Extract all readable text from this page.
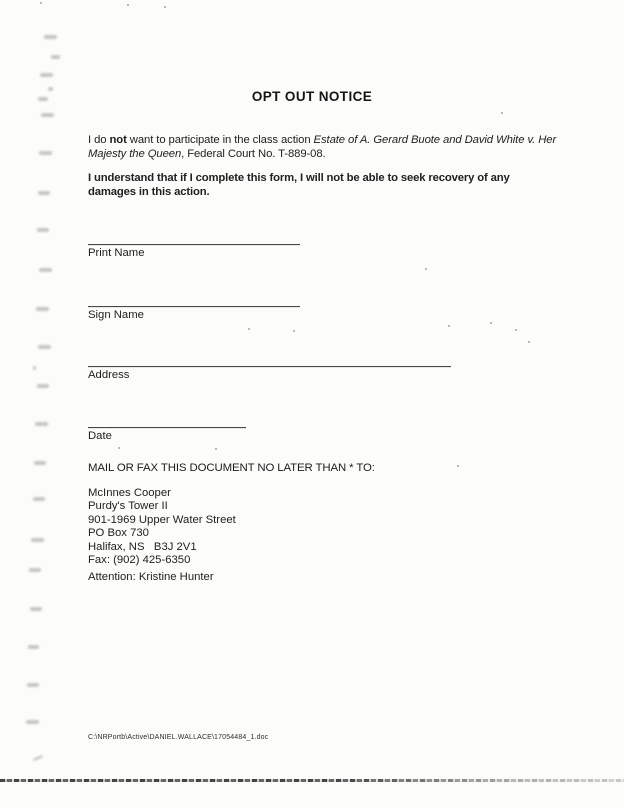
OPT OUT NOTICE
I do not want to participate in the class action Estate of A. Gerard Buote and David White v. Her
Majesty the Queen, Federal Court No. T-889-08.
I understand that if I complete this form, I will not be able to seek recovery of any
damages in this action.
Print Name
Sign Name
Address
Date
MAIL OR FAX THIS DOCUMENT NO LATER THAN * TO:
McInnes Cooper
Purdy's Tower II
901-1969 Upper Water Street
PO Box 730
Halifax, NS   B3J 2V1
Fax: (902) 425-6350
Attention: Kristine Hunter
C:\NRPortb\Active\DANIEL.WALLACE\17054484_1.doc
